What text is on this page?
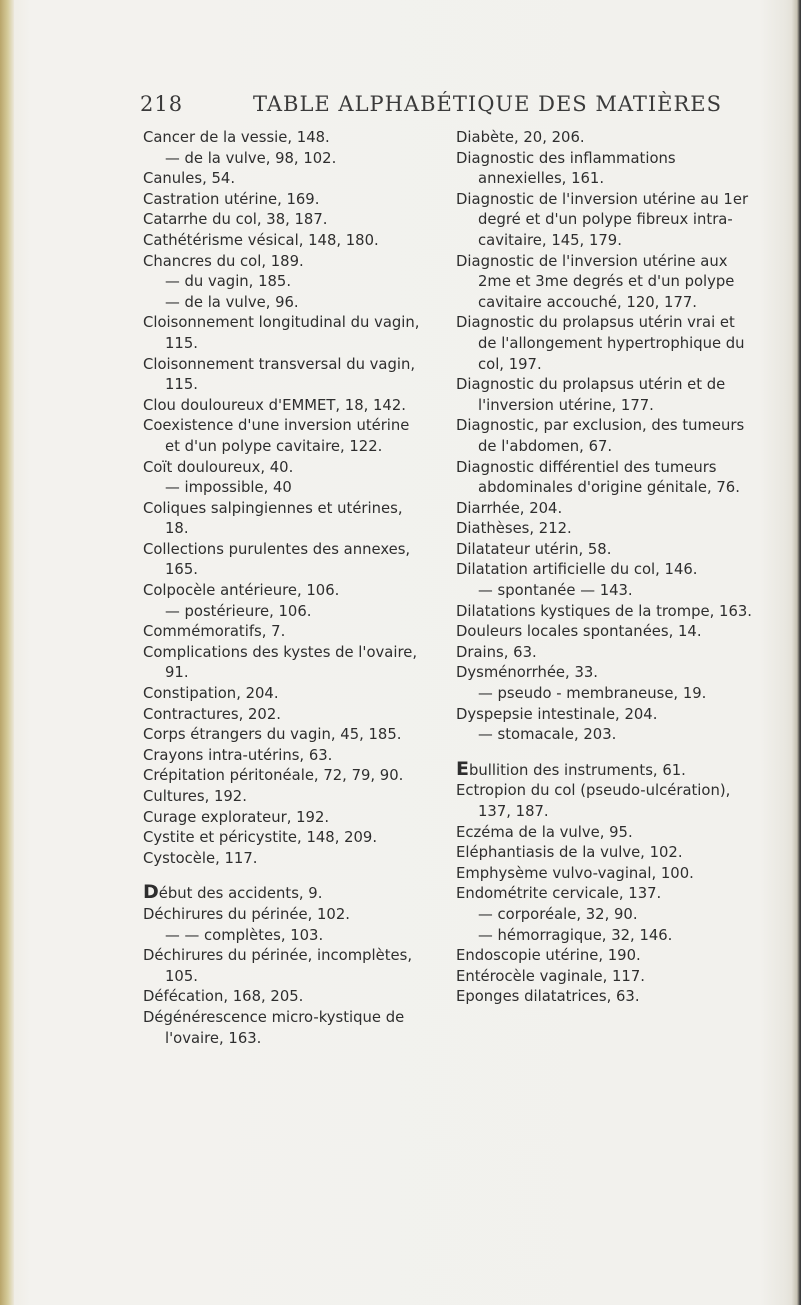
218	TABLE ALPHABÉTIQUE DES MATIÈRES
Cancer de la vessie, 148.
— de la vulve, 98, 102.
Canules, 54.
Castration utérine, 169.
Catarrhe du col, 38, 187.
Cathétérisme vésical, 148, 180.
Chancres du col, 189.
— du vagin, 185.
— de la vulve, 96.
Cloisonnement longitudinal du vagin, 115.
Cloisonnement transversal du vagin, 115.
Clou douloureux d'EMMET, 18, 142.
Coexistence d'une inversion utérine et d'un polype cavitaire, 122.
Coït douloureux, 40.
— impossible, 40
Coliques salpingiennes et utérines, 18.
Collections purulentes des annexes, 165.
Colpocèle antérieure, 106.
— postérieure, 106.
Commémoratifs, 7.
Complications des kystes de l'ovaire, 91.
Constipation, 204.
Contractures, 202.
Corps étrangers du vagin, 45, 185.
Crayons intra-utérins, 63.
Crépitation péritonéale, 72, 79, 90.
Cultures, 192.
Curage explorateur, 192.
Cystite et péricystite, 148, 209.
Cystocèle, 117.
Début des accidents, 9.
Déchirures du périnée, 102.
— — complètes, 103.
Déchirures du périnée, incomplètes, 105.
Défécation, 168, 205.
Dégénérescence micro-kystique de l'ovaire, 163.
Diabète, 20, 206.
Diagnostic des inflammations annexielles, 161.
Diagnostic de l'inversion utérine au 1er degré et d'un polype fibreux intra-cavitaire, 145, 179.
Diagnostic de l'inversion utérine aux 2me et 3me degrés et d'un polype cavitaire accouché, 120, 177.
Diagnostic du prolapsus utérin vrai et de l'allongement hypertrophique du col, 197.
Diagnostic du prolapsus utérin et de l'inversion utérine, 177.
Diagnostic, par exclusion, des tumeurs de l'abdomen, 67.
Diagnostic différentiel des tumeurs abdominales d'origine génitale, 76.
Diarrhée, 204.
Diathèses, 212.
Dilatateur utérin, 58.
Dilatation artificielle du col, 146.
— spontanée — 143.
Dilatations kystiques de la trompe, 163.
Douleurs locales spontanées, 14.
Drains, 63.
Dysménorrhée, 33.
— pseudo - membraneuse, 19.
Dyspepsie intestinale, 204.
— stomacale, 203.
Ebullition des instruments, 61.
Ectropion du col (pseudo-ulcération), 137, 187.
Eczéma de la vulve, 95.
Eléphantiasis de la vulve, 102.
Emphysème vulvo-vaginal, 100.
Endométrite cervicale, 137.
— corporéale, 32, 90.
— hémorragique, 32, 146.
Endoscopie utérine, 190.
Entérocèle vaginale, 117.
Eponges dilatatrices, 63.
